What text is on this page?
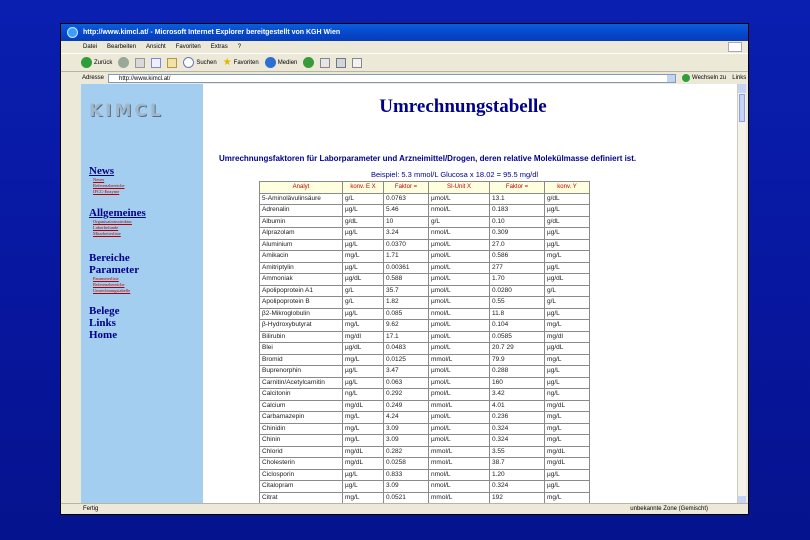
http://www.kimcl.at/ - Microsoft Internet Explorer bereitgestellt von KGH Wien
Datei Bearbeiten Ansicht Favoriten Extras ?
Zurück	Suchen ★ Favoriten	Medien
Adresse	http://www.kimcl.at/	Wechseln zu Links
KIMCL
News
Neues
Referenzbereiche
IFCC-Enzyme
Allgemeines
Organisationsstruktur
Laborbefunde
Mitarbeiterliste
Bereiche
Parameter
Parameterliste
Referenzbereiche
Umrechnungstabelle
Belege
Links
Home
Umrechnungstabelle
Umrechnungsfaktoren für Laborparameter und Arzneimittel/Drogen, deren relative Molekülmasse definiert ist.
Beispiel: 5.3 mmol/L Glucosa x 18.02 = 95.5 mg/dl
Analyt	konv. E X	Faktor =	SI-Unit X	Faktor =	konv. Y
5-Aminolävulinsäure	g/L	0.0763	µmol/L	13.1	g/dL
Adrenalin	µg/L	5.46	nmol/L	0.183	µg/L
Albumin	g/dL	10	g/L	0.10	g/dL
Alprazolam	µg/L	3.24	nmol/L	0.309	µg/L
Aluminium	µg/L	0.0370	µmol/L	27.0	µg/L
Amikacin	mg/L	1.71	µmol/L	0.586	mg/L
Amitriptylin	µg/L	0.00361	µmol/L	277	µg/L
Ammoniak	µg/dL	0.588	µmol/L	1.70	µg/dL
Apolipoprotein A1	g/L	35.7	µmol/L	0.0280	g/L
Apolipoprotein B	g/L	1.82	µmol/L	0.55	g/L
β2-Mikroglobulin	µg/L	0.085	nmol/L	11.8	µg/L
β-Hydroxybutyrat	mg/L	9.62	µmol/L	0.104	mg/L
Bilirubin	mg/dl	17.1	µmol/L	0.0585	mg/dl
Blei	µg/dL	0.0483	µmol/L	20.7 29	µg/dL
Bromid	mg/L	0.0125	mmol/L	79.9	mg/L
Buprenorphin	µg/L	3.47	µmol/L	0.288	µg/L
Carnitin/Acetylcarnitin	µg/L	0.063	µmol/L	160	µg/L
Calcitonin	ng/L	0.292	pmol/L	3.42	ng/L
Calcium	mg/dL	0.249	mmol/L	4.01	mg/dL
Carbamazepin	mg/L	4.24	µmol/L	0.236	mg/L
Chinidin	mg/L	3.09	µmol/L	0.324	mg/L
Chinin	mg/L	3.09	µmol/L	0.324	mg/L
Chlorid	mg/dL	0.282	mmol/L	3.55	mg/dL
Cholesterin	mg/dL	0.0258	mmol/L	38.7	mg/dL
Ciclosporin	µg/L	0.833	nmol/L	1.20	µg/L
Citalopram	µg/L	3.09	nmol/L	0.324	µg/L
Citrat	mg/L	0.0521	mmol/L	192	mg/L
Fertig	unbekannte Zone (Gemischt)
